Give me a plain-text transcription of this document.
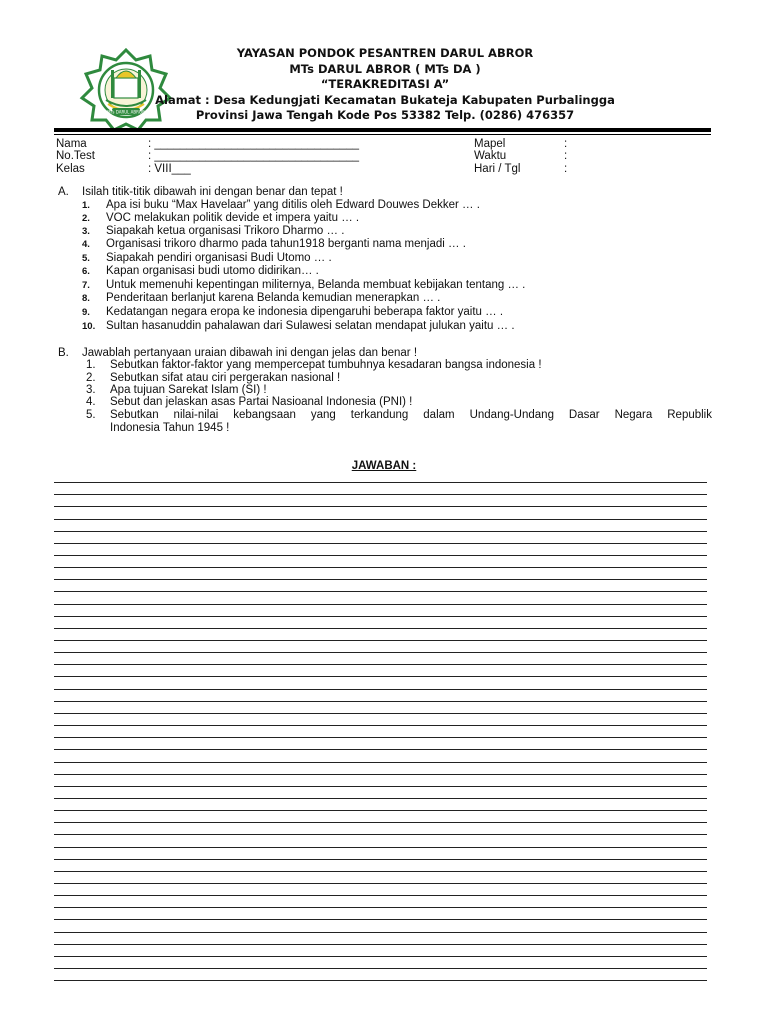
MTs DARUL ABROR
YAYASAN PONDOK PESANTREN DARUL ABROR
MTs DARUL ABROR ( MTs DA )
“TERAKREDITASI A”
Alamat : Desa Kedungjati Kecamatan Bukateja Kabupaten Purbalingga
Provinsi Jawa Tengah Kode Pos 53382 Telp. (0286) 476357
Nama	: ________________________________	Mapel	:
No.Test	: ________________________________	Waktu	:
Kelas	: VIII___	Hari / Tgl	:
A. Isilah titik-titik dibawah ini dengan benar dan tepat !
1.	Apa isi buku “Max Havelaar” yang ditilis oleh Edward Douwes Dekker … .
2.	VOC melakukan politik devide et impera yaitu … .
3.	Siapakah ketua organisasi Trikoro Dharmo … .
4.	Organisasi trikoro dharmo pada tahun1918 berganti nama menjadi … .
5.	Siapakah pendiri organisasi Budi Utomo … .
6.	Kapan organisasi budi utomo didirikan… .
7.	Untuk memenuhi kepentingan militernya, Belanda membuat kebijakan tentang … .
8.	Penderitaan berlanjut karena Belanda kemudian menerapkan … .
9.	Kedatangan negara eropa ke indonesia dipengaruhi beberapa faktor yaitu … .
10. Sultan hasanuddin pahalawan dari Sulawesi selatan mendapat julukan yaitu … .
B. Jawablah pertanyaan uraian dibawah ini dengan jelas dan benar !
1.	Sebutkan faktor-faktor yang mempercepat tumbuhnya kesadaran bangsa indonesia !
2.	Sebutkan sifat atau ciri pergerakan nasional !
3.	Apa tujuan Sarekat Islam (SI) !
4.	Sebut dan jelaskan asas Partai Nasioanal Indonesia (PNI) !
5. Sebutkan nilai-nilai kebangsaan yang terkandung dalam Undang-Undang Dasar Negara Republik
Indonesia Tahun 1945 !
JAWABAN :
